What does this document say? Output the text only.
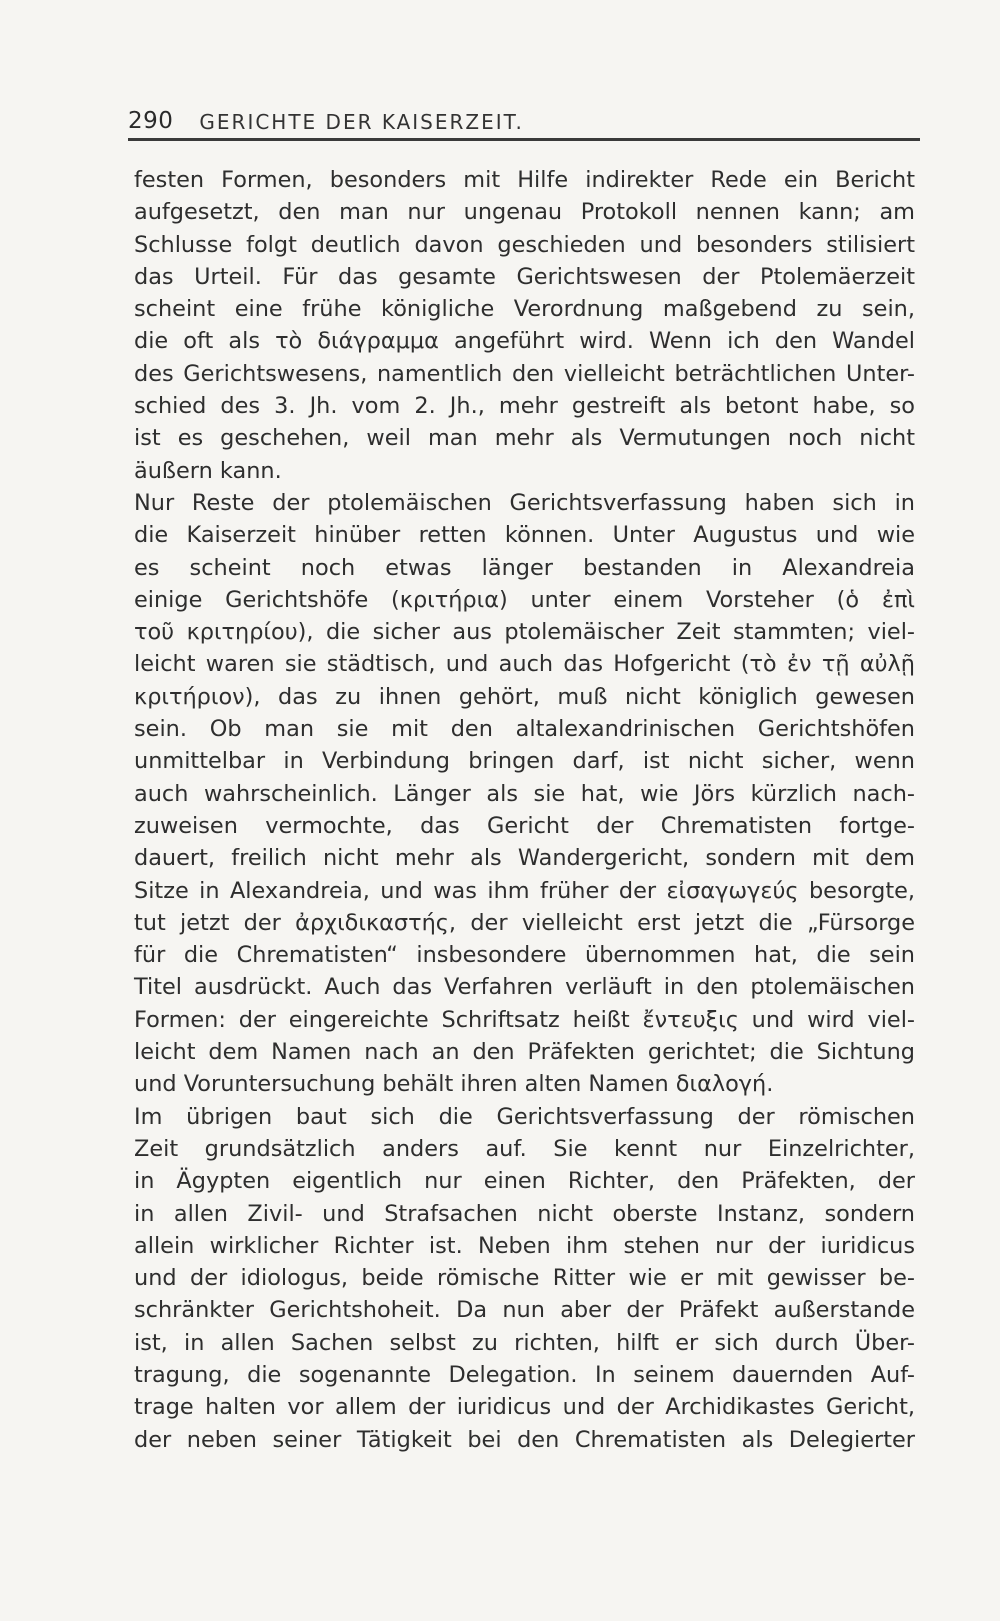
290 GERICHTE DER KAISERZEIT.
festen Formen, besonders mit Hilfe indirekter Rede ein Bericht
aufgesetzt, den man nur ungenau Protokoll nennen kann; am
Schlusse folgt deutlich davon geschieden und besonders stilisiert
das Urteil. Für das gesamte Gerichtswesen der Ptolemäerzeit
scheint eine frühe königliche Verordnung maßgebend zu sein,
die oft als τὸ διάγραμμα angeführt wird. Wenn ich den Wandel
des Gerichtswesens, namentlich den vielleicht beträchtlichen Unter-
schied des 3. Jh. vom 2. Jh., mehr gestreift als betont habe, so
ist es geschehen, weil man mehr als Vermutungen noch nicht
äußern kann.
Nur Reste der ptolemäischen Gerichtsverfassung haben sich in
die Kaiserzeit hinüber retten können. Unter Augustus und wie
es scheint noch etwas länger bestanden in Alexandreia
einige Gerichtshöfe (κριτήρια) unter einem Vorsteher (ὁ ἐπὶ
τοῦ κριτηρίου), die sicher aus ptolemäischer Zeit stammten; viel-
leicht waren sie städtisch, und auch das Hofgericht (τὸ ἐν τῇ αὐλῇ
κριτήριον), das zu ihnen gehört, muß nicht königlich gewesen
sein. Ob man sie mit den altalexandrinischen Gerichtshöfen
unmittelbar in Verbindung bringen darf, ist nicht sicher, wenn
auch wahrscheinlich. Länger als sie hat, wie Jörs kürzlich nach-
zuweisen vermochte, das Gericht der Chrematisten fortge-
dauert, freilich nicht mehr als Wandergericht, sondern mit dem
Sitze in Alexandreia, und was ihm früher der εἰσαγωγεύς besorgte,
tut jetzt der ἀρχιδικαστής, der vielleicht erst jetzt die „Fürsorge
für die Chrematisten“ insbesondere übernommen hat, die sein
Titel ausdrückt. Auch das Verfahren verläuft in den ptolemäischen
Formen: der eingereichte Schriftsatz heißt ἔντευξις und wird viel-
leicht dem Namen nach an den Präfekten gerichtet; die Sichtung
und Voruntersuchung behält ihren alten Namen διαλογή.
Im übrigen baut sich die Gerichtsverfassung der römischen
Zeit grundsätzlich anders auf. Sie kennt nur Einzelrichter,
in Ägypten eigentlich nur einen Richter, den Präfekten, der
in allen Zivil- und Strafsachen nicht oberste Instanz, sondern
allein wirklicher Richter ist. Neben ihm stehen nur der iuridicus
und der idiologus, beide römische Ritter wie er mit gewisser be-
schränkter Gerichtshoheit. Da nun aber der Präfekt außerstande
ist, in allen Sachen selbst zu richten, hilft er sich durch Über-
tragung, die sogenannte Delegation. In seinem dauernden Auf-
trage halten vor allem der iuridicus und der Archidikastes Gericht,
der neben seiner Tätigkeit bei den Chrematisten als Delegierter
